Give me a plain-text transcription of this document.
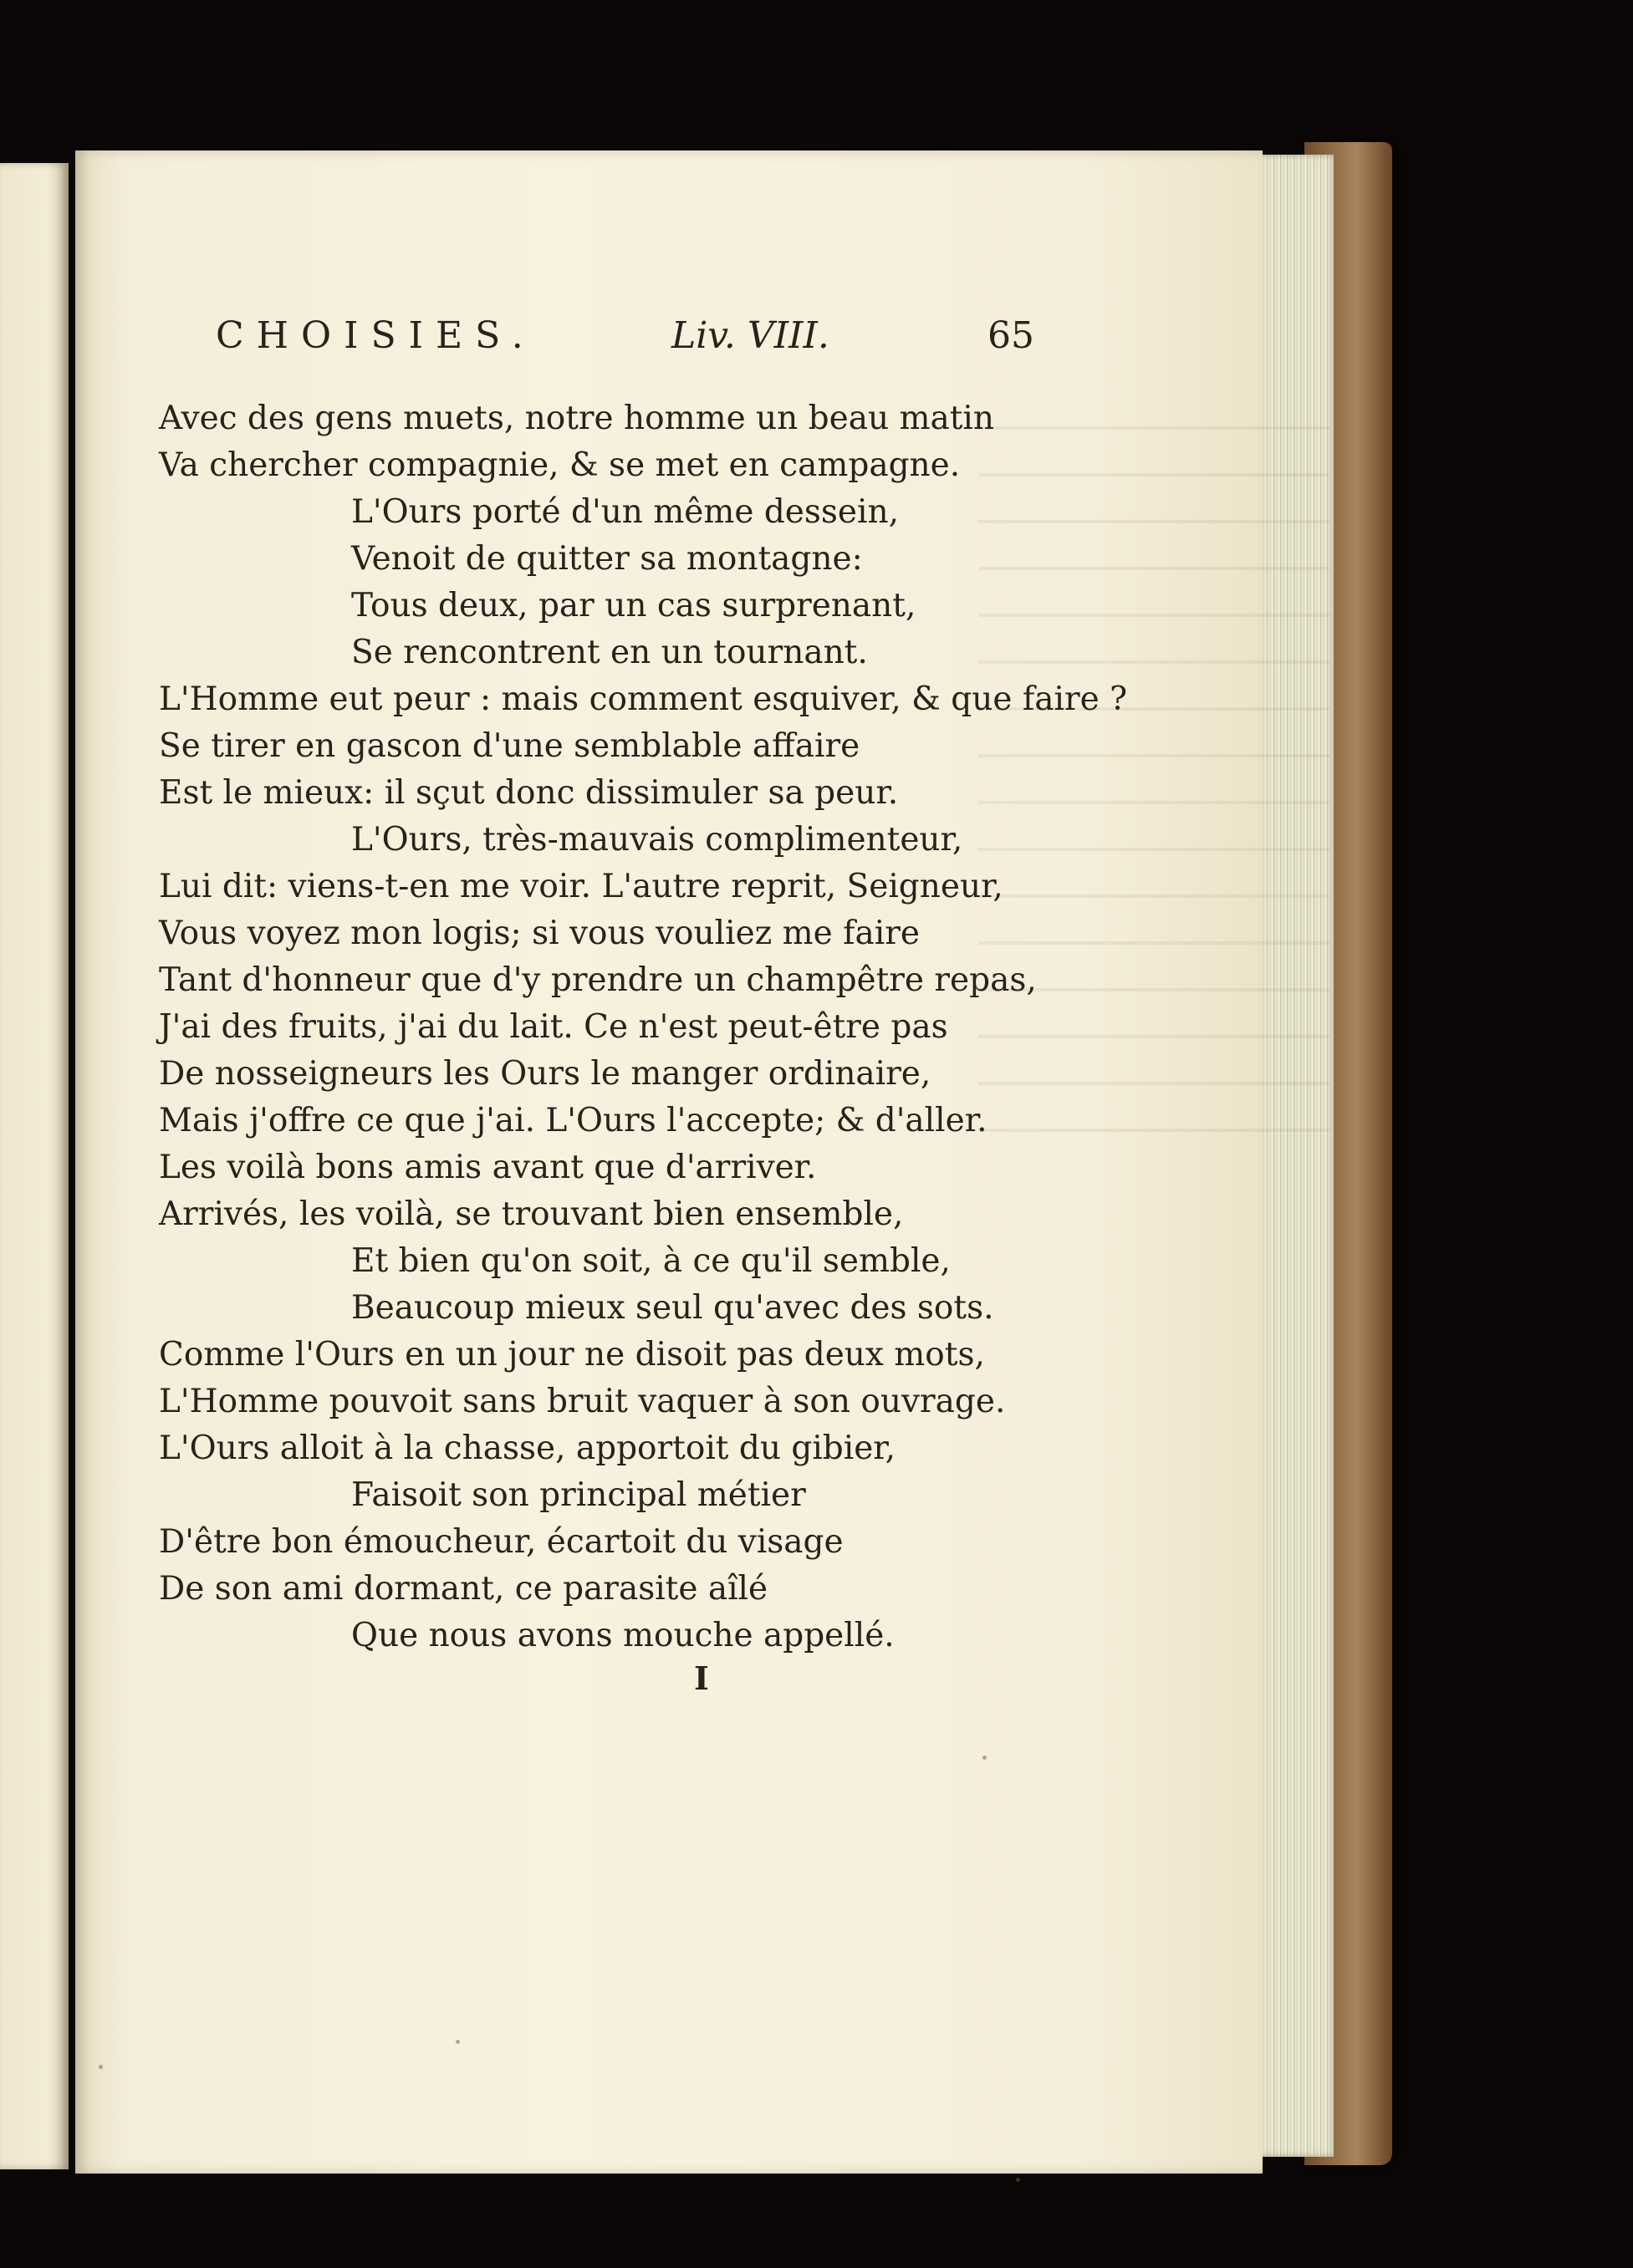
CHOISIES.	Liv. VIII.	65
Avec des gens muets, notre homme un beau matin
Va chercher compagnie, & se met en campagne.
L'Ours porté d'un même dessein,
Venoit de quitter sa montagne:
Tous deux, par un cas surprenant,
Se rencontrent en un tournant.
L'Homme eut peur : mais comment esquiver, & que faire ?
Se tirer en gascon d'une semblable affaire
Est le mieux: il sçut donc dissimuler sa peur.
L'Ours, très-mauvais complimenteur,
Lui dit: viens-t-en me voir. L'autre reprit, Seigneur,
Vous voyez mon logis; si vous vouliez me faire
Tant d'honneur que d'y prendre un champêtre repas,
J'ai des fruits, j'ai du lait. Ce n'est peut-être pas
De nosseigneurs les Ours le manger ordinaire,
Mais j'offre ce que j'ai. L'Ours l'accepte; & d'aller.
Les voilà bons amis avant que d'arriver.
Arrivés, les voilà, se trouvant bien ensemble,
Et bien qu'on soit, à ce qu'il semble,
Beaucoup mieux seul qu'avec des sots.
Comme l'Ours en un jour ne disoit pas deux mots,
L'Homme pouvoit sans bruit vaquer à son ouvrage.
L'Ours alloit à la chasse, apportoit du gibier,
Faisoit son principal métier
D'être bon émoucheur, écartoit du visage
De son ami dormant, ce parasite aîlé
Que nous avons mouche appellé.
I
